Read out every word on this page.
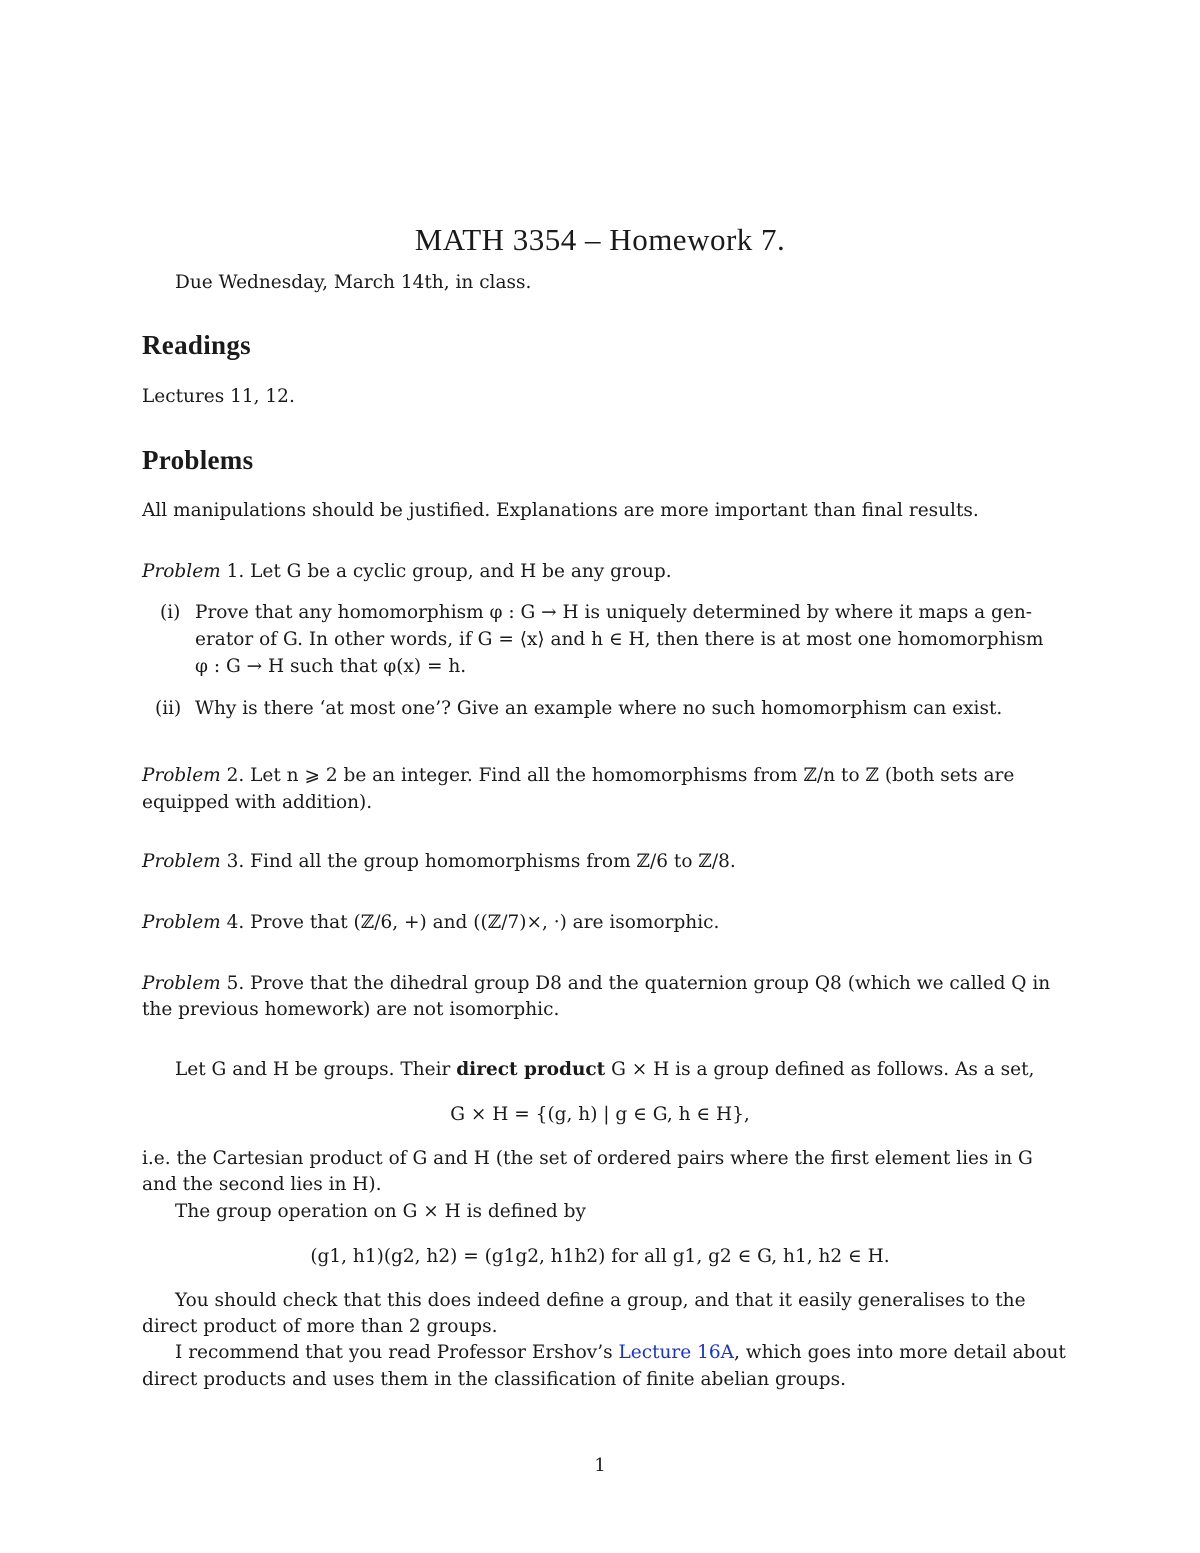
MATH 3354 – Homework 7.
Due Wednesday, March 14th, in class.
Readings
Lectures 11, 12.
Problems
All manipulations should be justified. Explanations are more important than final results.
Problem 1. Let G be a cyclic group, and H be any group.
(i) Prove that any homomorphism φ : G → H is uniquely determined by where it maps a gen-
erator of G. In other words, if G = ⟨x⟩ and h ∈ H, then there is at most one homomorphism
φ : G → H such that φ(x) = h.
(ii) Why is there ‘at most one’? Give an example where no such homomorphism can exist.
Problem 2. Let n ⩾ 2 be an integer. Find all the homomorphisms from ℤ/n to ℤ (both sets are
equipped with addition).
Problem 3. Find all the group homomorphisms from ℤ/6 to ℤ/8.
Problem 4. Prove that (ℤ/6, +) and ((ℤ/7)×, ·) are isomorphic.
Problem 5. Prove that the dihedral group D8 and the quaternion group Q8 (which we called Q in
the previous homework) are not isomorphic.
Let G and H be groups. Their direct product G × H is a group defined as follows. As a set,
G × H = {(g, h) | g ∈ G, h ∈ H},
i.e. the Cartesian product of G and H (the set of ordered pairs where the first element lies in G
and the second lies in H).
The group operation on G × H is defined by
(g1, h1)(g2, h2) = (g1g2, h1h2) for all g1, g2 ∈ G, h1, h2 ∈ H.
You should check that this does indeed define a group, and that it easily generalises to the
direct product of more than 2 groups.
I recommend that you read Professor Ershov’s Lecture 16A, which goes into more detail about
direct products and uses them in the classification of finite abelian groups.
1
